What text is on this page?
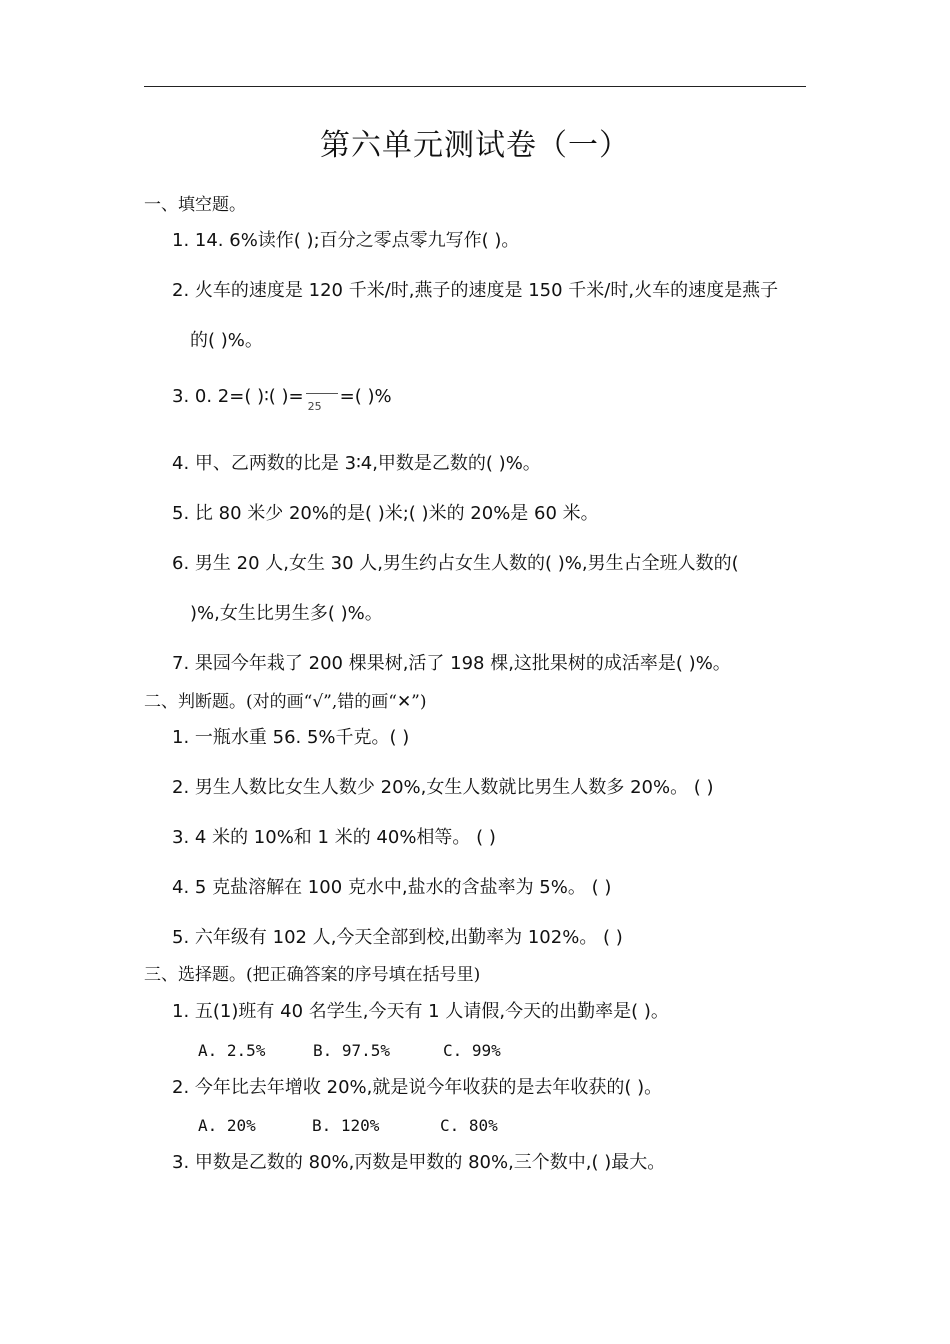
第六单元测试卷（一）
一、填空题。
1. 14. 6%读作( );百分之零点零九写作( )。
2. 火车的速度是 120 千米/时,燕子的速度是 150 千米/时,火车的速度是燕子
的( )%。
3. 0. 2=( )∶( )= 25 =( )%
4. 甲、乙两数的比是 3∶4,甲数是乙数的( )%。
5. 比 80 米少 20%的是( )米;( )米的 20%是 60 米。
6. 男生 20 人,女生 30 人,男生约占女生人数的( )%,男生占全班人数的(
)%,女生比男生多( )%。
7. 果园今年栽了 200 棵果树,活了 198 棵,这批果树的成活率是( )%。
二、判断题。(对的画“√”,错的画“✕”)
1. 一瓶水重 56. 5%千克。( )
2. 男生人数比女生人数少 20%,女生人数就比男生人数多 20%。 ( )
3. 4 米的 10%和 1 米的 40%相等。 ( )
4. 5 克盐溶解在 100 克水中,盐水的含盐率为 5%。 ( )
5. 六年级有 102 人,今天全部到校,出勤率为 102%。 ( )
三、选择题。(把正确答案的序号填在括号里)
1. 五(1)班有 40 名学生,今天有 1 人请假,今天的出勤率是( )。
A. 2.5%	B. 97.5%	C. 99%
2. 今年比去年增收 20%,就是说今年收获的是去年收获的( )。
A. 20%	B. 120%	C. 80%
3. 甲数是乙数的 80%,丙数是甲数的 80%,三个数中,( )最大。
